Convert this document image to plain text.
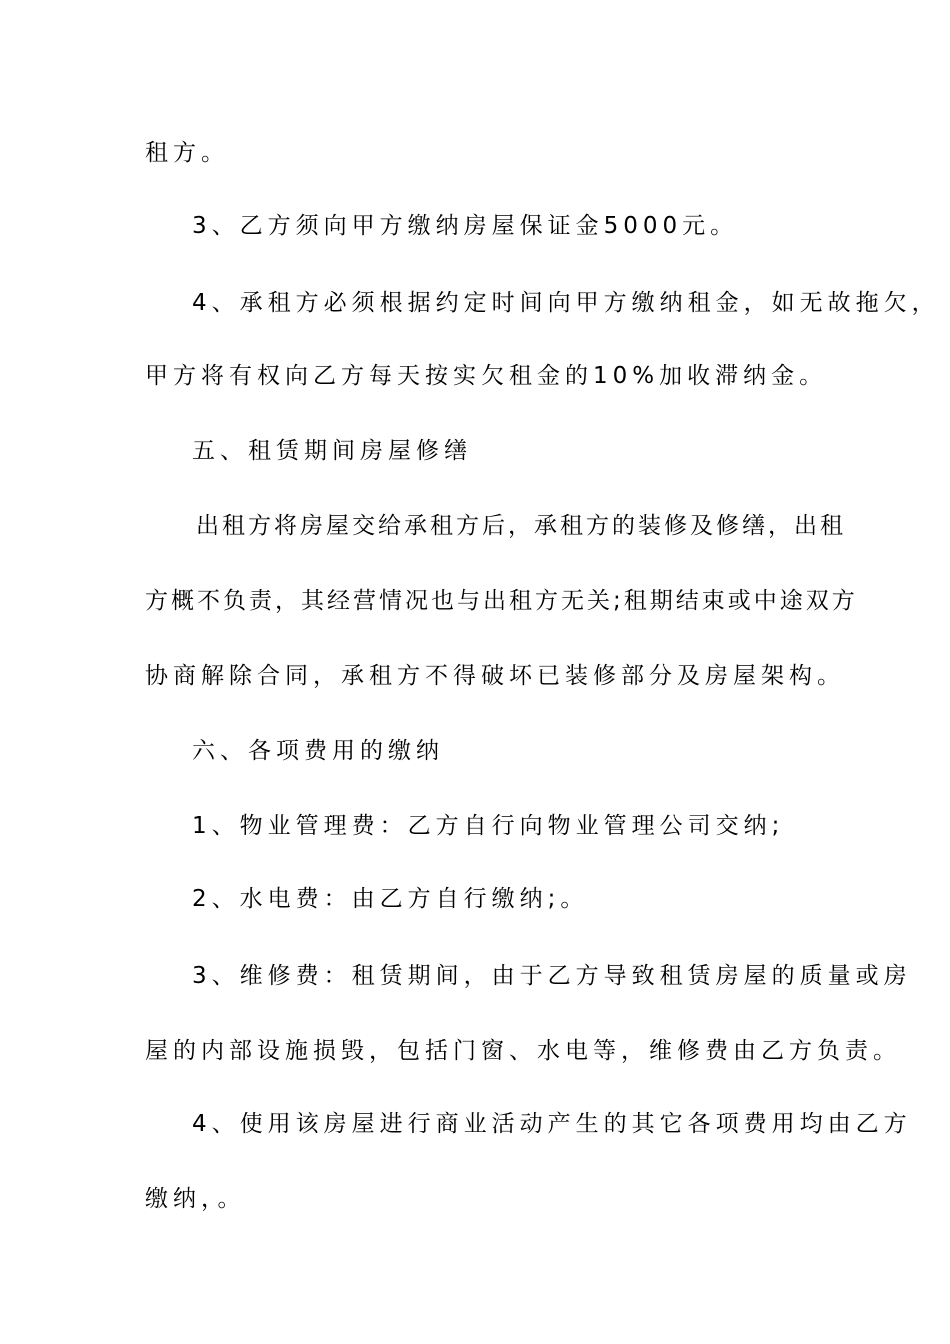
租方。
3、乙方须向甲方缴纳房屋保证金5000元。
4、承租方必须根据约定时间向甲方缴纳租金，如无故拖欠，
甲方将有权向乙方每天按实欠租金的10%加收滞纳金。
五、租赁期间房屋修缮
出租方将房屋交给承租方后，承租方的装修及修缮，出租
方概不负责，其经营情况也与出租方无关;租期结束或中途双方
协商解除合同，承租方不得破坏已装修部分及房屋架构。
六、各项费用的缴纳
1、物业管理费：乙方自行向物业管理公司交纳;
2、水电费：由乙方自行缴纳;。
3、维修费：租赁期间，由于乙方导致租赁房屋的质量或房
屋的内部设施损毁，包括门窗、水电等，维修费由乙方负责。
4、使用该房屋进行商业活动产生的其它各项费用均由乙方
缴纳，。
